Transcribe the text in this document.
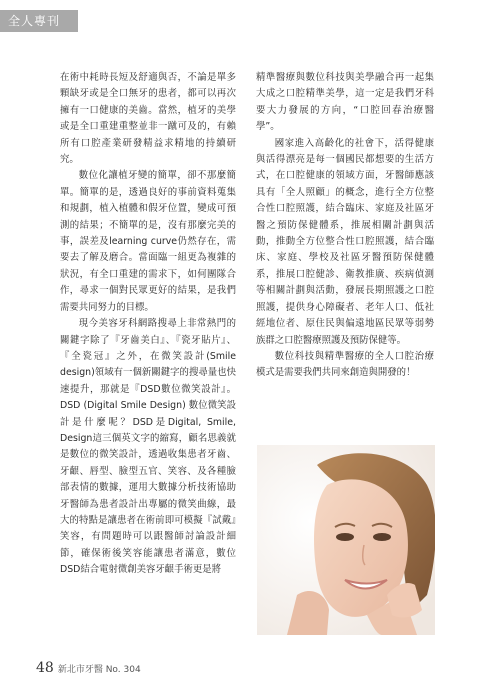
全人專刊

在術中耗時長短及舒適與否，不論是單多顆缺牙或是全口無牙的患者，都可以再次擁有一口健康的美齒。當然，植牙的美學或是全口重建重整並非一蹴可及的，有賴所有口腔產業研發精益求精地的持續研究。

數位化讓植牙變的簡單，卻不那麼簡單。簡單的是，透過良好的事前資料蒐集和規劃，植入植體和假牙位置，變成可預測的結果；不簡單的是，沒有那麼完美的事，誤差及learning curve仍然存在，需要去了解及磨合。當面臨一組更為複雜的狀況，有全口重建的需求下，如何團隊合作，尋求一個對民眾更好的結果，是我們需要共同努力的目標。

現今美容牙科網路搜尋上非常熱門的關鍵字除了『牙齒美白』、『瓷牙貼片』、『全瓷冠』之外，在微笑設計(Smile design)領域有一個新關鍵字的搜尋量也快速提升，那就是『DSD數位微笑設計』。DSD (Digital Smile Design) 數位微笑設計是什麼呢？DSD是Digital, Smile, Design這三個英文字的縮寫，顧名思義就是數位的微笑設計，透過收集患者牙齒、牙齦、唇型、臉型五官、笑容、及各種臉部表情的數據，運用大數據分析技術協助牙醫師為患者設計出專屬的微笑曲線，最大的特點是讓患者在術前即可模擬『試戴』笑容，有問題時可以跟醫師討論設計細節，確保術後笑容能讓患者滿意，數位DSD結合電射微創美容牙齦手術更是將

精準醫療與數位科技與美學融合再一起集大成之口腔精準美學，這一定是我們牙科要大力發展的方向，“口腔回春治療醫學”。

國家進入高齡化的社會下，活得健康與活得漂亮是每一個國民都想要的生活方式，在口腔健康的領域方面，牙醫師應該具有「全人照顧」的概念，進行全方位整合性口腔照護，結合臨床、家庭及社區牙醫之預防保健體系，推展相關計劃與活動，推動全方位整合性口腔照護，結合臨床、家庭、學校及社區牙醫預防保健體系，推展口腔健診、衛教推廣、疾病偵測等相關計劃與活動，發展長期照護之口腔照護，提供身心障礙者、老年人口、低社經地位者、原住民與偏遠地區民眾等弱勢族群之口腔醫療照護及預防保健等。

數位科技與精準醫療的全人口腔治療模式是需要我們共同來創造與開發的！

48 新北市牙醫 No. 304
